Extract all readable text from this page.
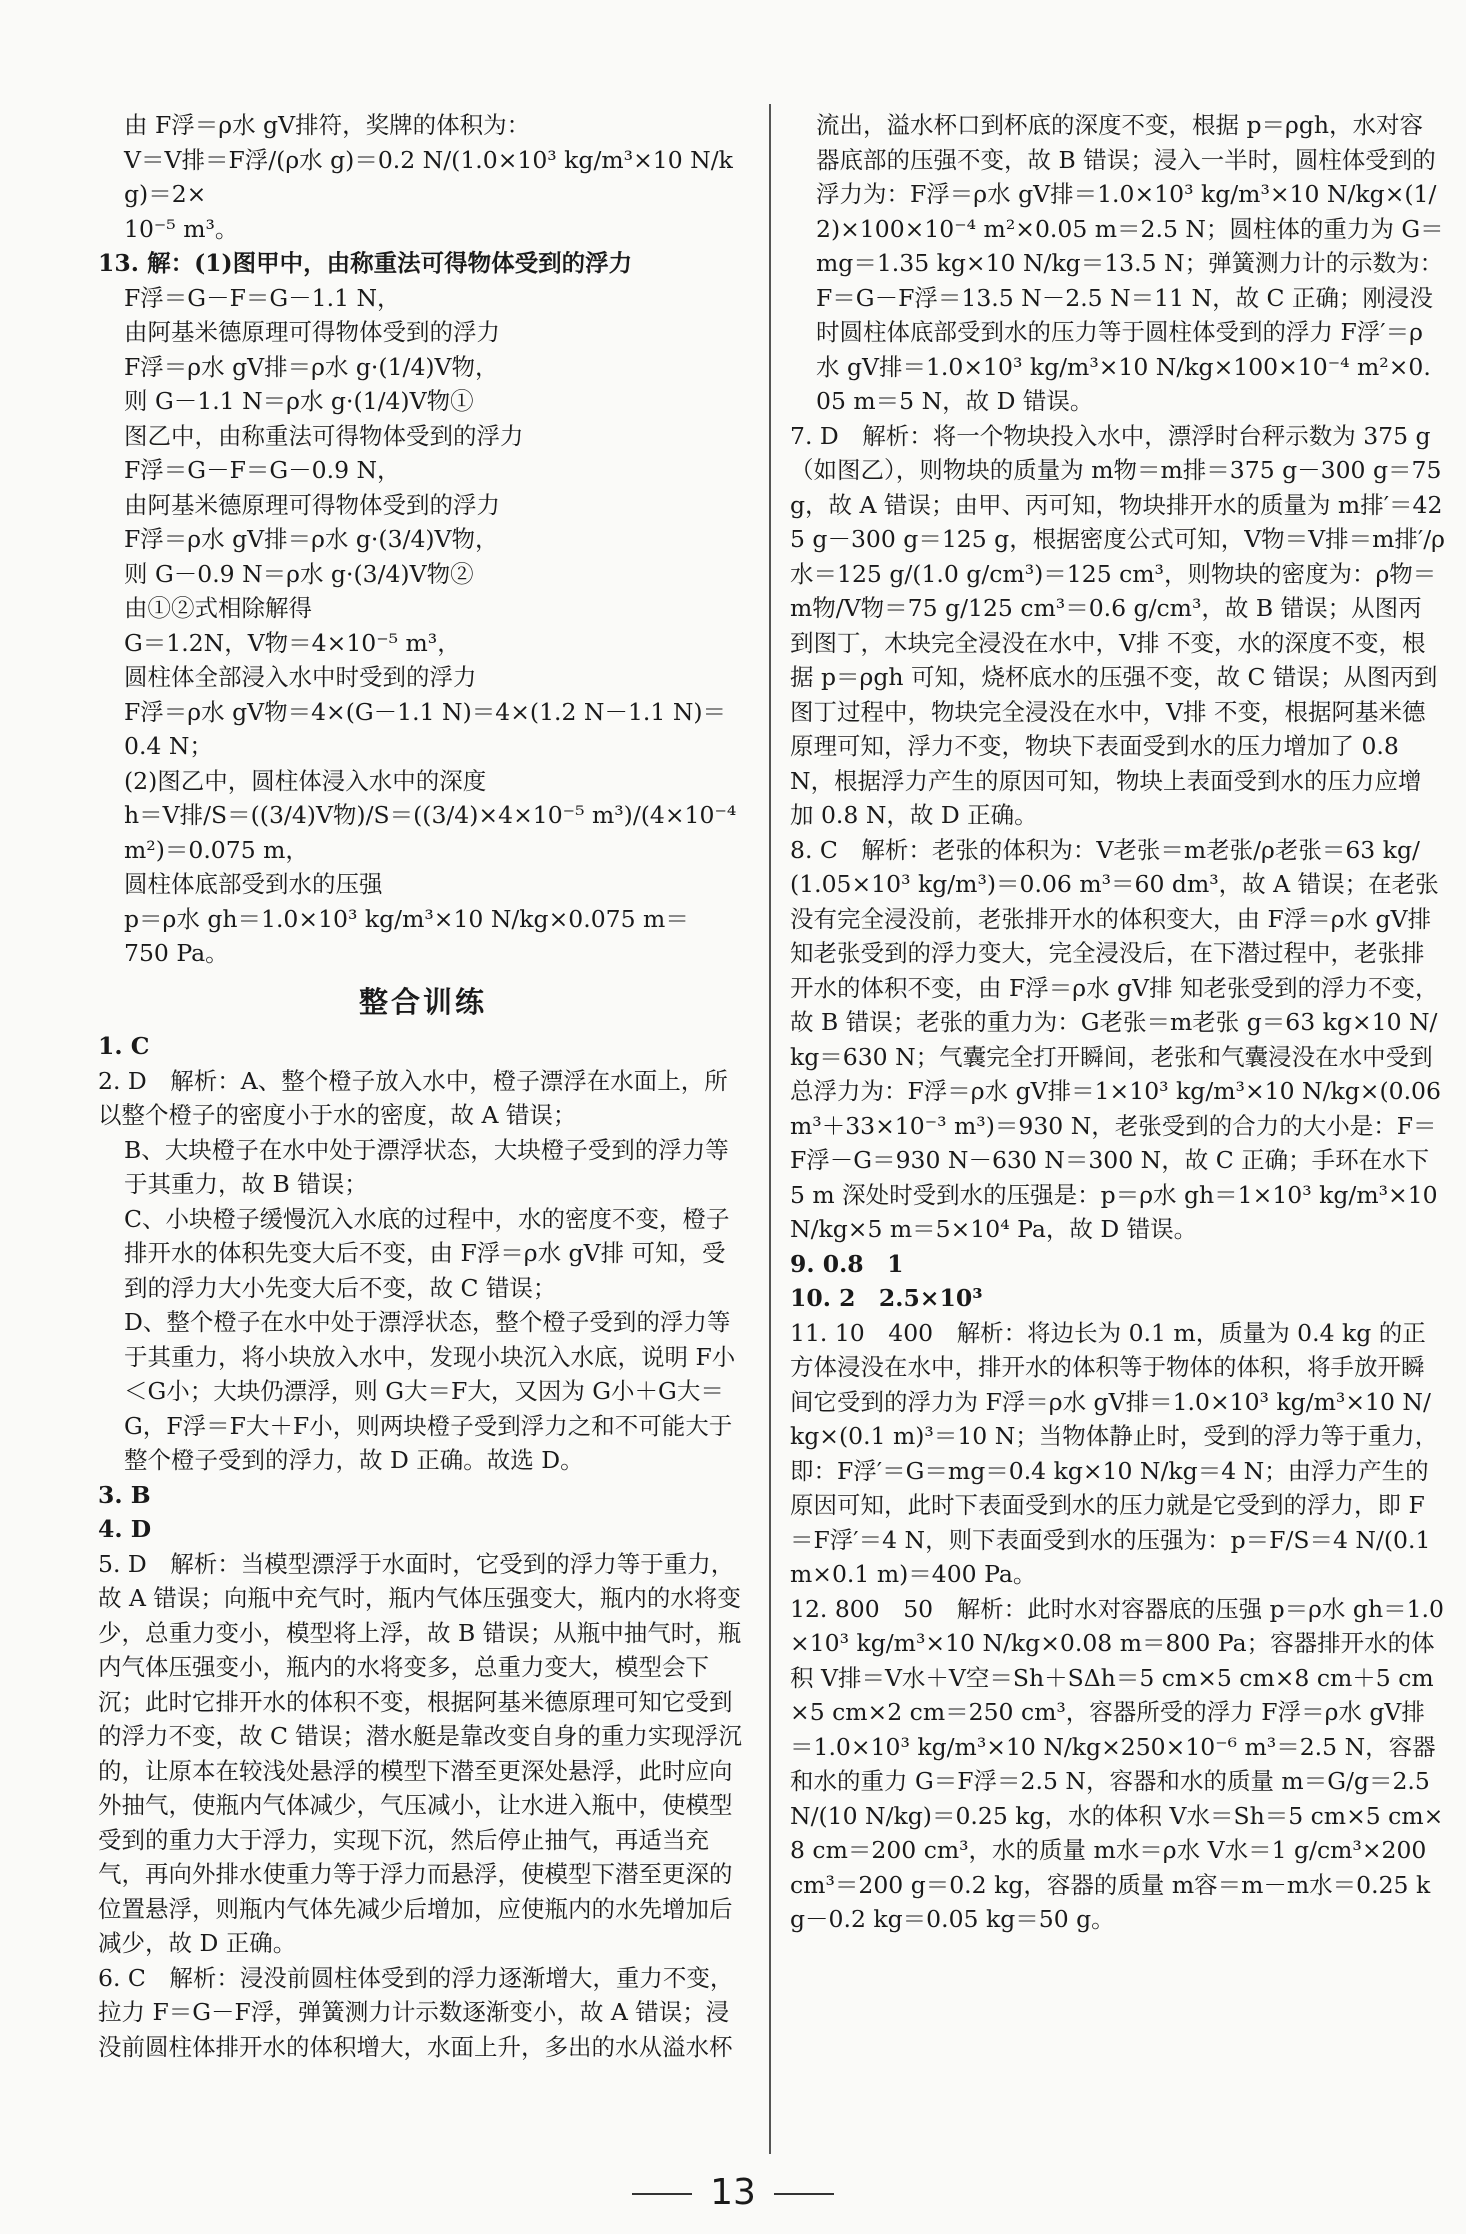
由 F浮＝ρ水 gV排符，奖牌的体积为：
V＝V排＝F浮/(ρ水 g)＝0.2 N/(1.0×10³ kg/m³×10 N/kg)＝2×
10⁻⁵ m³。
13. 解：(1)图甲中，由称重法可得物体受到的浮力
F浮＝G－F＝G－1.1 N，
由阿基米德原理可得物体受到的浮力
F浮＝ρ水 gV排＝ρ水 g·(1/4)V物，
则 G－1.1 N＝ρ水 g·(1/4)V物①
图乙中，由称重法可得物体受到的浮力
F浮＝G－F＝G－0.9 N，
由阿基米德原理可得物体受到的浮力
F浮＝ρ水 gV排＝ρ水 g·(3/4)V物，
则 G－0.9 N＝ρ水 g·(3/4)V物②
由①②式相除解得
G＝1.2N，V物＝4×10⁻⁵ m³，
圆柱体全部浸入水中时受到的浮力
F浮＝ρ水 gV物＝4×(G－1.1 N)＝4×(1.2 N－1.1 N)＝
0.4 N；
(2)图乙中，圆柱体浸入水中的深度
h＝V排/S＝((3/4)V物)/S＝((3/4)×4×10⁻⁵ m³)/(4×10⁻⁴ m²)＝0.075 m，
圆柱体底部受到水的压强
p＝ρ水 gh＝1.0×10³ kg/m³×10 N/kg×0.075 m＝
750 Pa。
整合训练
1. C
2. D　解析：A、整个橙子放入水中，橙子漂浮在水面上，所以整个橙子的密度小于水的密度，故 A 错误；
B、大块橙子在水中处于漂浮状态，大块橙子受到的浮力等于其重力，故 B 错误；
C、小块橙子缓慢沉入水底的过程中，水的密度不变，橙子排开水的体积先变大后不变，由 F浮＝ρ水 gV排 可知，受到的浮力大小先变大后不变，故 C 错误；
D、整个橙子在水中处于漂浮状态，整个橙子受到的浮力等于其重力，将小块放入水中，发现小块沉入水底，说明 F小＜G小；大块仍漂浮，则 G大＝F大，又因为 G小＋G大＝G，F浮＝F大＋F小，则两块橙子受到浮力之和不可能大于整个橙子受到的浮力，故 D 正确。故选 D。
3. B
4. D
5. D　解析：当模型漂浮于水面时，它受到的浮力等于重力，故 A 错误；向瓶中充气时，瓶内气体压强变大，瓶内的水将变少，总重力变小，模型将上浮，故 B 错误；从瓶中抽气时，瓶内气体压强变小，瓶内的水将变多，总重力变大，模型会下沉；此时它排开水的体积不变，根据阿基米德原理可知它受到的浮力不变，故 C 错误；潜水艇是靠改变自身的重力实现浮沉的，让原本在较浅处悬浮的模型下潜至更深处悬浮，此时应向外抽气，使瓶内气体减少，气压减小，让水进入瓶中，使模型受到的重力大于浮力，实现下沉，然后停止抽气，再适当充气，再向外排水使重力等于浮力而悬浮，使模型下潜至更深的位置悬浮，则瓶内气体先减少后增加，应使瓶内的水先增加后减少，故 D 正确。
6. C　解析：浸没前圆柱体受到的浮力逐渐增大，重力不变，拉力 F＝G－F浮，弹簧测力计示数逐渐变小，故 A 错误；浸没前圆柱体排开水的体积增大，水面上升，多出的水从溢水杯
流出，溢水杯口到杯底的深度不变，根据 p＝ρgh，水对容器底部的压强不变，故 B 错误；浸入一半时，圆柱体受到的浮力为：F浮＝ρ水 gV排＝1.0×10³ kg/m³×10 N/kg×(1/2)×100×10⁻⁴ m²×0.05 m＝2.5 N；圆柱体的重力为 G＝mg＝1.35 kg×10 N/kg＝13.5 N；弹簧测力计的示数为：F＝G－F浮＝13.5 N－2.5 N＝11 N，故 C 正确；刚浸没时圆柱体底部受到水的压力等于圆柱体受到的浮力 F浮′＝ρ水 gV排＝1.0×10³ kg/m³×10 N/kg×100×10⁻⁴ m²×0.05 m＝5 N，故 D 错误。
7. D　解析：将一个物块投入水中，漂浮时台秤示数为 375 g（如图乙），则物块的质量为 m物＝m排＝375 g－300 g＝75 g，故 A 错误；由甲、丙可知，物块排开水的质量为 m排′＝425 g－300 g＝125 g，根据密度公式可知，V物＝V排＝m排′/ρ水＝125 g/(1.0 g/cm³)＝125 cm³，则物块的密度为：ρ物＝m物/V物＝75 g/125 cm³＝0.6 g/cm³，故 B 错误；从图丙到图丁，木块完全浸没在水中，V排 不变，水的深度不变，根据 p＝ρgh 可知，烧杯底水的压强不变，故 C 错误；从图丙到图丁过程中，物块完全浸没在水中，V排 不变，根据阿基米德原理可知，浮力不变，物块下表面受到水的压力增加了 0.8 N，根据浮力产生的原因可知，物块上表面受到水的压力应增加 0.8 N，故 D 正确。
8. C　解析：老张的体积为：V老张＝m老张/ρ老张＝63 kg/(1.05×10³ kg/m³)＝0.06 m³＝60 dm³，故 A 错误；在老张没有完全浸没前，老张排开水的体积变大，由 F浮＝ρ水 gV排 知老张受到的浮力变大，完全浸没后，在下潜过程中，老张排开水的体积不变，由 F浮＝ρ水 gV排 知老张受到的浮力不变，故 B 错误；老张的重力为：G老张＝m老张 g＝63 kg×10 N/kg＝630 N；气囊完全打开瞬间，老张和气囊浸没在水中受到总浮力为：F浮＝ρ水 gV排＝1×10³ kg/m³×10 N/kg×(0.06 m³＋33×10⁻³ m³)＝930 N，老张受到的合力的大小是：F＝F浮－G＝930 N－630 N＝300 N，故 C 正确；手环在水下 5 m 深处时受到水的压强是：p＝ρ水 gh＝1×10³ kg/m³×10 N/kg×5 m＝5×10⁴ Pa，故 D 错误。
9. 0.8　1
10. 2　2.5×10³
11. 10　400　解析：将边长为 0.1 m，质量为 0.4 kg 的正方体浸没在水中，排开水的体积等于物体的体积，将手放开瞬间它受到的浮力为 F浮＝ρ水 gV排＝1.0×10³ kg/m³×10 N/kg×(0.1 m)³＝10 N；当物体静止时，受到的浮力等于重力，即：F浮′＝G＝mg＝0.4 kg×10 N/kg＝4 N；由浮力产生的原因可知，此时下表面受到水的压力就是它受到的浮力，即 F＝F浮′＝4 N，则下表面受到水的压强为：p＝F/S＝4 N/(0.1 m×0.1 m)＝400 Pa。
12. 800　50　解析：此时水对容器底的压强 p＝ρ水 gh＝1.0×10³ kg/m³×10 N/kg×0.08 m＝800 Pa；容器排开水的体积 V排＝V水＋V空＝Sh＋SΔh＝5 cm×5 cm×8 cm＋5 cm×5 cm×2 cm＝250 cm³，容器所受的浮力 F浮＝ρ水 gV排＝1.0×10³ kg/m³×10 N/kg×250×10⁻⁶ m³＝2.5 N，容器和水的重力 G＝F浮＝2.5 N，容器和水的质量 m＝G/g＝2.5 N/(10 N/kg)＝0.25 kg，水的体积 V水＝Sh＝5 cm×5 cm×8 cm＝200 cm³，水的质量 m水＝ρ水 V水＝1 g/cm³×200 cm³＝200 g＝0.2 kg，容器的质量 m容＝m－m水＝0.25 kg－0.2 kg＝0.05 kg＝50 g。
13
